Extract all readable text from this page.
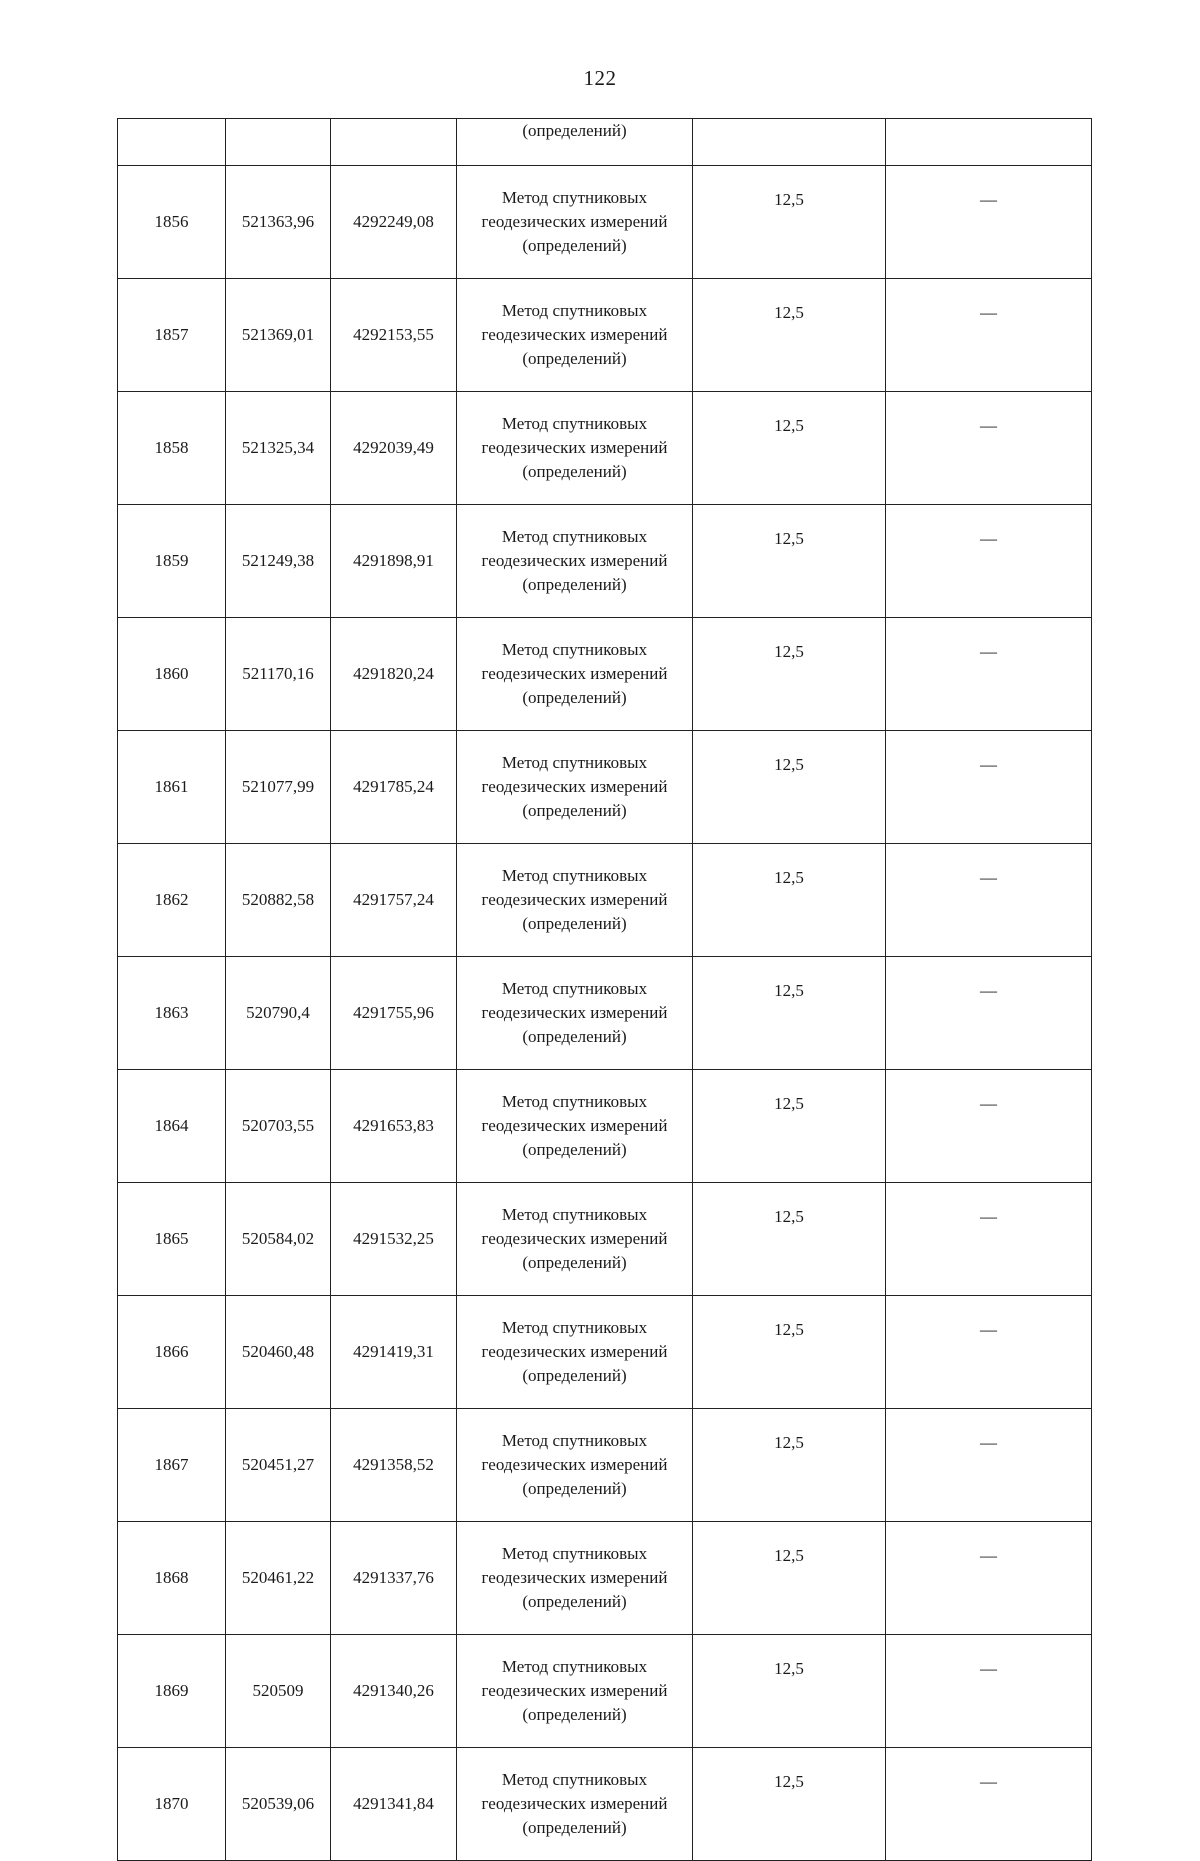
122
			(определений)		
1856	521363,96	4292249,08	Метод спутниковых
геодезических измерений
(определений)	12,5	—
1857	521369,01	4292153,55	Метод спутниковых
геодезических измерений
(определений)	12,5	—
1858	521325,34	4292039,49	Метод спутниковых
геодезических измерений
(определений)	12,5	—
1859	521249,38	4291898,91	Метод спутниковых
геодезических измерений
(определений)	12,5	—
1860	521170,16	4291820,24	Метод спутниковых
геодезических измерений
(определений)	12,5	—
1861	521077,99	4291785,24	Метод спутниковых
геодезических измерений
(определений)	12,5	—
1862	520882,58	4291757,24	Метод спутниковых
геодезических измерений
(определений)	12,5	—
1863	520790,4	4291755,96	Метод спутниковых
геодезических измерений
(определений)	12,5	—
1864	520703,55	4291653,83	Метод спутниковых
геодезических измерений
(определений)	12,5	—
1865	520584,02	4291532,25	Метод спутниковых
геодезических измерений
(определений)	12,5	—
1866	520460,48	4291419,31	Метод спутниковых
геодезических измерений
(определений)	12,5	—
1867	520451,27	4291358,52	Метод спутниковых
геодезических измерений
(определений)	12,5	—
1868	520461,22	4291337,76	Метод спутниковых
геодезических измерений
(определений)	12,5	—
1869	520509	4291340,26	Метод спутниковых
геодезических измерений
(определений)	12,5	—
1870	520539,06	4291341,84	Метод спутниковых
геодезических измерений
(определений)	12,5	—
